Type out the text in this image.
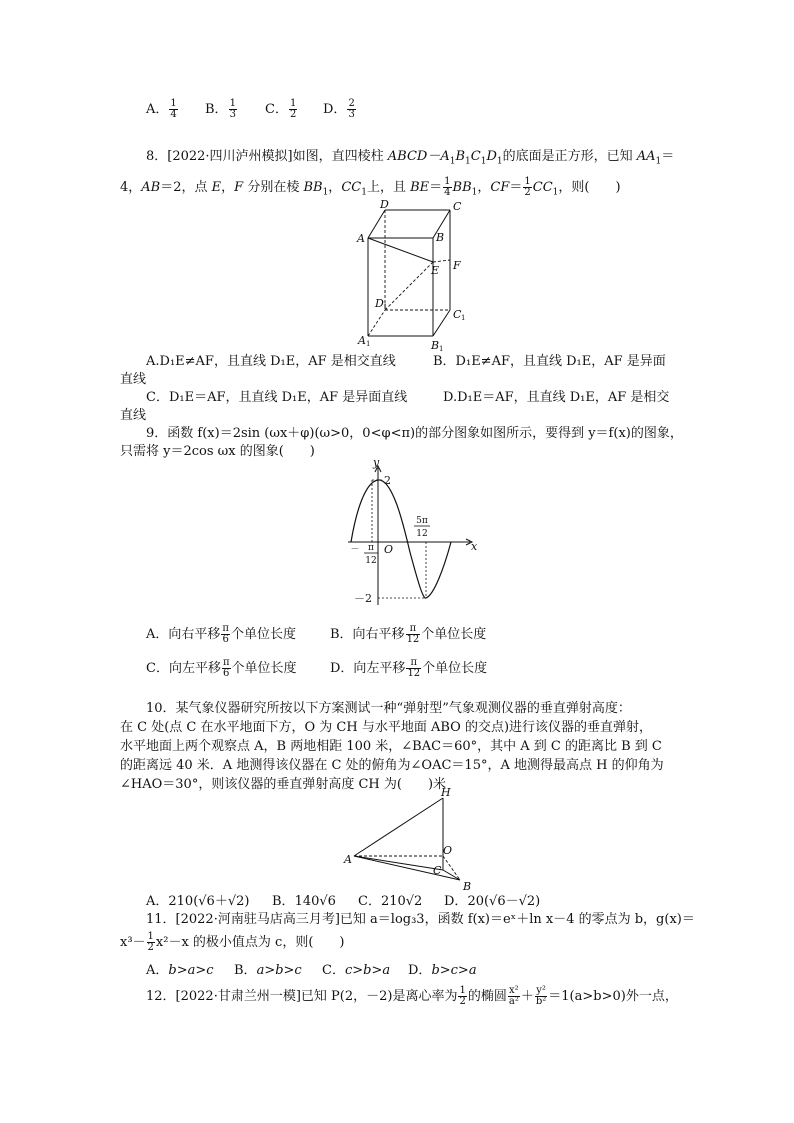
A． $\frac{1}{4}$ B． $\frac{1}{3}$ C． $\frac{1}{2}$ D． $\frac{2}{3}$
8．[2022·四川泸州模拟]如图，直四棱柱 $ABCD-A_1B_1C_1D_1$的底面是正方形，已知 $AA_1=$
4，AB＝2，点 E，F 分别在棱 $BB_1$，$CC_1$上，且 $BE= \frac{1}{4} BB_1$，$CF= \frac{1}{2} CC_1$，则(　　)
D	C
A	B
E F
D
C
A	B
1
1
1
1
A.D₁E≠AF，且直线 D₁E，AF 是相交直线	B．D₁E≠AF，且直线 D₁E，AF 是异面
直线
C．D₁E＝AF，且直线 D₁E，AF 是异面直线	D.D₁E＝AF，且直线 D₁E，AF 是相交
直线
9．函数 f(x)＝2sin (ωx＋φ)(ω>0，0<φ<π)的部分图象如图所示，要得到 y＝f(x)的图象，
只需将 y＝2cos ωx 的图象(　　)
y
x
O
2
－2
－ π
12
5π
12
A．向右平移 $\frac{\pi}{6}$ 个单位长度	B．向右平移 $\frac{\pi}{12}$ 个单位长度
C．向左平移 $\frac{\pi}{6}$ 个单位长度	D．向左平移 $\frac{\pi}{12}$ 个单位长度
10．某气象仪器研究所按以下方案测试一种“弹射型”气象观测仪器的垂直弹射高度：
在 C 处(点 C 在水平地面下方，O 为 CH 与水平地面 ABO 的交点)进行该仪器的垂直弹射，
水平地面上两个观察点 A，B 两地相距 100 米，∠BAC＝60°，其中 A 到 C 的距离比 B 到 C
的距离远 40 米．A 地测得该仪器在 C 处的俯角为∠OAC＝15°，A 地测得最高点 H 的仰角为
∠HAO＝30°，则该仪器的垂直弹射高度 CH 为(　　)米
H
O
A
C
B
A．210(√6＋√2) B．140√6 C．210√2 D．20(√6－√2)
11．[2022·河南驻马店高三月考]已知 a＝log₃3，函数 f(x)＝eˣ＋ln x－4 的零点为 b，g(x)＝
$x^3- \frac{1}{2} x^2-x$ 的极小值点为 c，则(　　)
A．b>a>c B．a>b>c C．c>b>a D．b>c>a
12．[2022·甘肃兰州一模]已知 P(2，－2)是离心率为 $\frac{1}{2}$ 的椭圆 $\frac{\text{x²}}{\text{a²}} + \frac{\text{y²}}{\text{b²}} =1(a>b>0)$外一点，
